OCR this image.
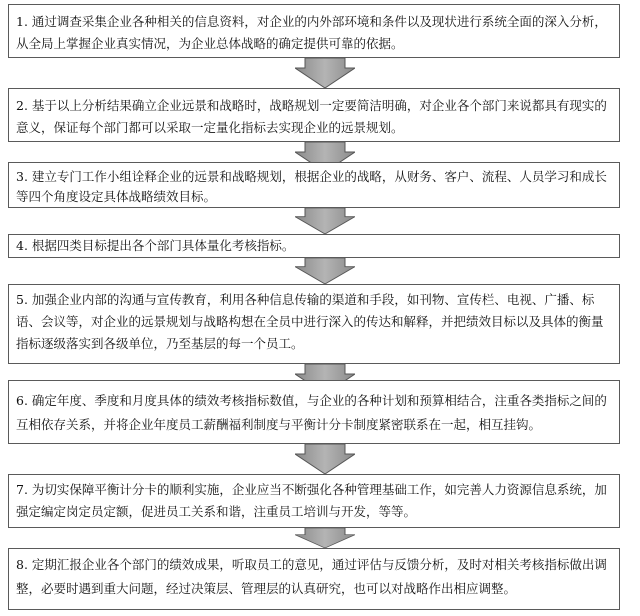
1. 通过调查采集企业各种相关的信息资料，对企业的内外部环境和条件以及现状进行系统全面的深入分析，从全局上掌握企业真实情况，为企业总体战略的确定提供可靠的依据。
2. 基于以上分析结果确立企业远景和战略时，战略规划一定要简洁明确，对企业各个部门来说都具有现实的意义，保证每个部门都可以采取一定量化指标去实现企业的远景规划。
3. 建立专门工作小组诠释企业的远景和战略规划，根据企业的战略，从财务、客户、流程、人员学习和成长等四个角度设定具体战略绩效目标。
4. 根据四类目标提出各个部门具体量化考核指标。
5. 加强企业内部的沟通与宣传教育，利用各种信息传输的渠道和手段，如刊物、宣传栏、电视、广播、标语、会议等，对企业的远景规划与战略构想在全员中进行深入的传达和解释，并把绩效目标以及具体的衡量指标逐级落实到各级单位，乃至基层的每一个员工。
6. 确定年度、季度和月度具体的绩效考核指标数值，与企业的各种计划和预算相结合，注重各类指标之间的互相依存关系，并将企业年度员工薪酬福利制度与平衡计分卡制度紧密联系在一起，相互挂钩。
7. 为切实保障平衡计分卡的顺利实施，企业应当不断强化各种管理基础工作，如完善人力资源信息系统，加强定编定岗定员定额，促进员工关系和谐，注重员工培训与开发，等等。
8. 定期汇报企业各个部门的绩效成果，听取员工的意见，通过评估与反馈分析，及时对相关考核指标做出调整，必要时遇到重大问题，经过决策层、管理层的认真研究，也可以对战略作出相应调整。
